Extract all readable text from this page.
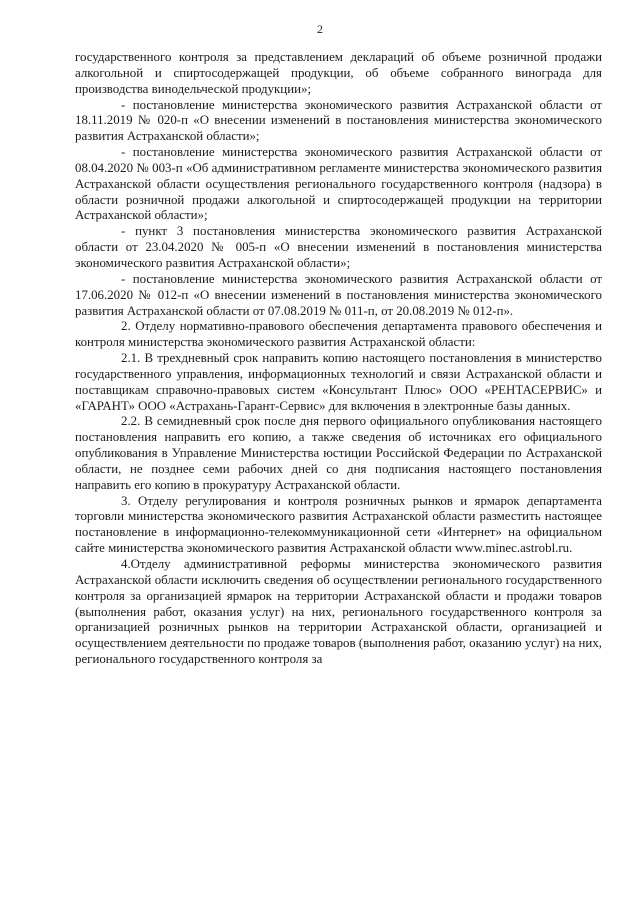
2

государственного контроля за представлением деклараций об объеме розничной продажи алкогольной и спиртосодержащей продукции, об объеме собранного винограда для производства винодельческой продукции»;

- постановление министерства экономического развития Астраханской области от 18.11.2019 № 020-п «О внесении изменений в постановления министерства экономического развития Астраханской области»;

- постановление министерства экономического развития Астраханской области от 08.04.2020 № 003-п «Об административном регламенте министерства экономического развития Астраханской области осуществления регионального государственного контроля (надзора) в области розничной продажи алкогольной и спиртосодержащей продукции на территории Астраханской области»;

- пункт 3 постановления министерства экономического развития Астраханской области от 23.04.2020 № 005-п «О внесении изменений в постановления министерства экономического развития Астраханской области»;

- постановление министерства экономического развития Астраханской области от 17.06.2020 № 012-п «О внесении изменений в постановления министерства экономического развития Астраханской области от 07.08.2019 № 011-п, от 20.08.2019 № 012-п».

2. Отделу нормативно-правового обеспечения департамента правового обеспечения и контроля министерства экономического развития Астраханской области:

2.1. В трехдневный срок направить копию настоящего постановления в министерство государственного управления, информационных технологий и связи Астраханской области и поставщикам справочно-правовых систем «Консультант Плюс» ООО «РЕНТАСЕРВИС» и «ГАРАНТ» ООО «Астрахань-Гарант-Сервис» для включения в электронные базы данных.

2.2. В семидневный срок после дня первого официального опубликования настоящего постановления направить его копию, а также сведения об источниках его официального опубликования в Управление Министерства юстиции Российской Федерации по Астраханской области, не позднее семи рабочих дней со дня подписания настоящего постановления направить его копию в прокуратуру Астраханской области.

3. Отделу регулирования и контроля розничных рынков и ярмарок департамента торговли министерства экономического развития Астраханской области разместить настоящее постановление в информационно-телекоммуникационной сети «Интернет» на официальном сайте министерства экономического развития Астраханской области www.minec.astrobl.ru.

4.Отделу административной реформы министерства экономического развития Астраханской области исключить сведения об осуществлении регионального государственного контроля за организацией ярмарок на территории Астраханской области и продажи товаров (выполнения работ, оказания услуг) на них, регионального государственного контроля за организацией розничных рынков на территории Астраханской области, организацией и осуществлением деятельности по продаже товаров (выполнения работ, оказанию услуг) на них, регионального государственного контроля за
